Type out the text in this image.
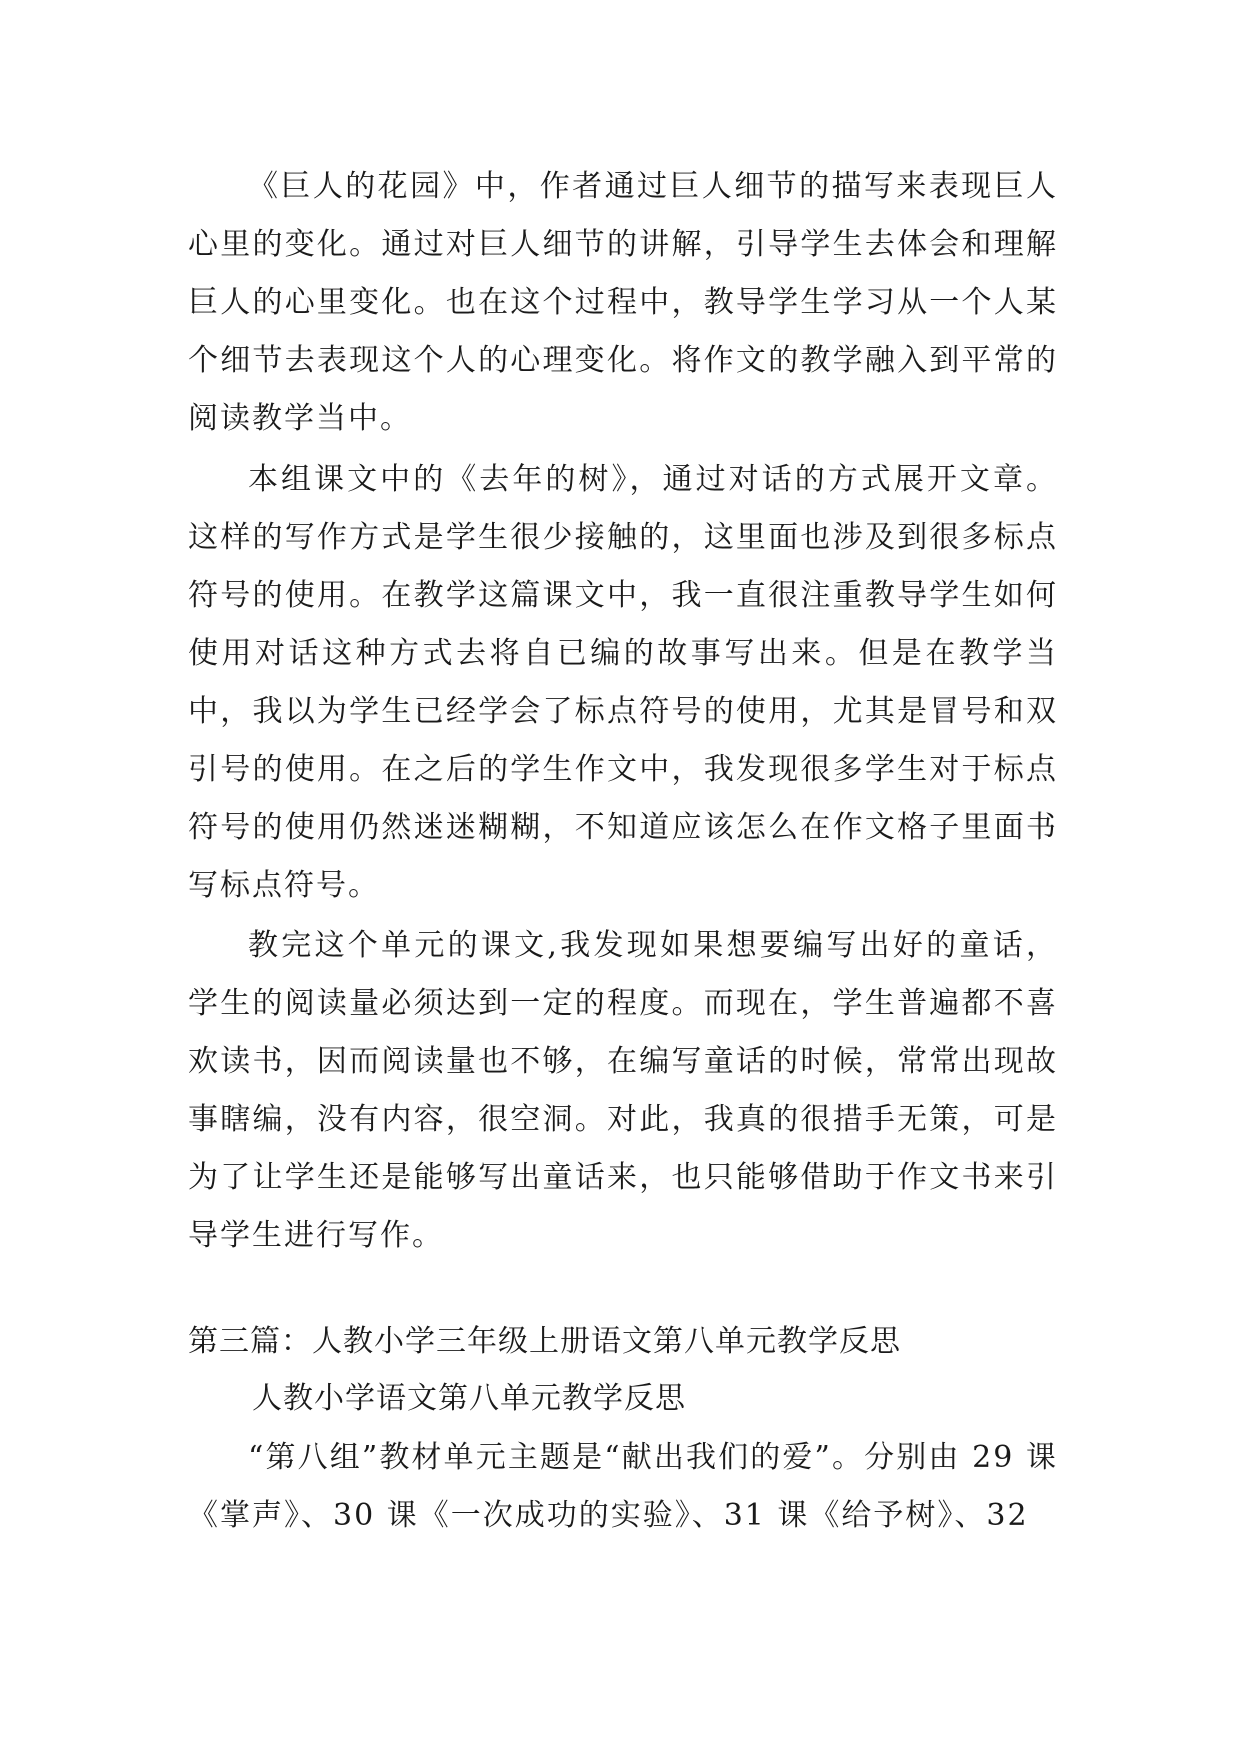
《巨人的花园》中，作者通过巨人细节的描写来表现巨人心里的变化。通过对巨人细节的讲解，引导学生去体会和理解巨人的心里变化。也在这个过程中，教导学生学习从一个人某个细节去表现这个人的心理变化。将作文的教学融入到平常的阅读教学当中。

本组课文中的《去年的树》，通过对话的方式展开文章。这样的写作方式是学生很少接触的，这里面也涉及到很多标点符号的使用。在教学这篇课文中，我一直很注重教导学生如何使用对话这种方式去将自已编的故事写出来。但是在教学当中，我以为学生已经学会了标点符号的使用，尤其是冒号和双引号的使用。在之后的学生作文中，我发现很多学生对于标点符号的使用仍然迷迷糊糊，不知道应该怎么在作文格子里面书写标点符号。

教完这个单元的课文,我发现如果想要编写出好的童话，学生的阅读量必须达到一定的程度。而现在，学生普遍都不喜欢读书，因而阅读量也不够，在编写童话的时候，常常出现故事瞎编，没有内容，很空洞。对此，我真的很措手无策，可是为了让学生还是能够写出童话来，也只能够借助于作文书来引导学生进行写作。

第三篇：人教小学三年级上册语文第八单元教学反思
人教小学语文第八单元教学反思

“第八组”教材单元主题是“献出我们的爱”。分别由 29 课《掌声》、30 课《一次成功的实验》、31 课《给予树》、32
